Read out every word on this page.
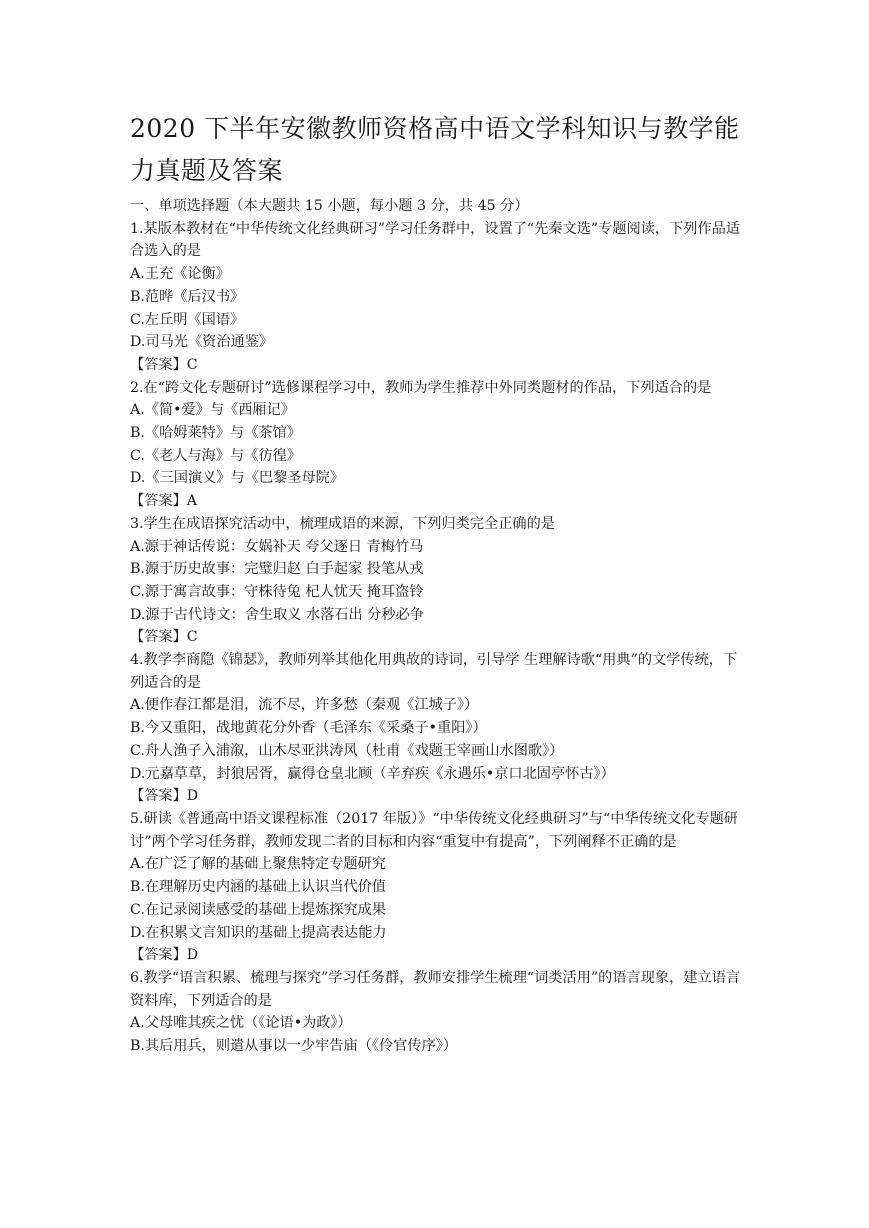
2020 下半年安徽教师资格高中语文学科知识与教学能力真题及答案
一、单项选择题（本大题共 15 小题，每小题 3 分，共 45 分）
1.某版本教材在“中华传统文化经典研习”学习任务群中，设置了“先秦文选”专题阅读，下列作品适合选入的是
A.王充《论衡》
B.范晔《后汉书》
C.左丘明《国语》
D.司马光《资治通鉴》
【答案】C
2.在“跨文化专题研讨”选修课程学习中，教师为学生推荐中外同类题材的作品，下列适合的是
A.《简•爱》与《西厢记》
B.《哈姆莱特》与《茶馆》
C.《老人与海》与《彷徨》
D.《三国演义》与《巴黎圣母院》
【答案】A
3.学生在成语探究活动中，梳理成语的来源，下列归类完全正确的是
A.源于神话传说：女娲补天 夸父逐日 青梅竹马
B.源于历史故事：完璧归赵 白手起家 投笔从戎
C.源于寓言故事：守株待兔 杞人忧天 掩耳盗铃
D.源于古代诗文：舍生取义 水落石出 分秒必争
【答案】C
4.教学李商隐《锦瑟》，教师列举其他化用典故的诗词，引导学 生理解诗歌“用典”的文学传统，下列适合的是
A.便作春江都是泪，流不尽，许多愁（秦观《江城子》）
B.今又重阳，战地黄花分外香（毛泽东《采桑子•重阳》）
C.舟人渔子入浦溆，山木尽亚洪涛风（杜甫《戏题王宰画山水图歌》）
D.元嘉草草，封狼居胥，赢得仓皇北顾（辛弃疾《永遇乐•京口北固亭怀古》）
【答案】D
5.研读《普通高中语文课程标准（2017 年版）》“中华传统文化经典研习”与“中华传统文化专题研讨”两个学习任务群，教师发现二者的目标和内容“重复中有提高”，下列阐释不正确的是
A.在广泛了解的基础上聚焦特定专题研究
B.在理解历史内涵的基础上认识当代价值
C.在记录阅读感受的基础上提炼探究成果
D.在积累文言知识的基础上提高表达能力
【答案】D
6.教学“语言积累、梳理与探究”学习任务群，教师安排学生梳理“词类活用”的语言现象，建立语言资料库，下列适合的是
A.父母唯其疾之忧（《论语•为政》）
B.其后用兵，则遣从事以一少牢告庙（《伶官传序》）
